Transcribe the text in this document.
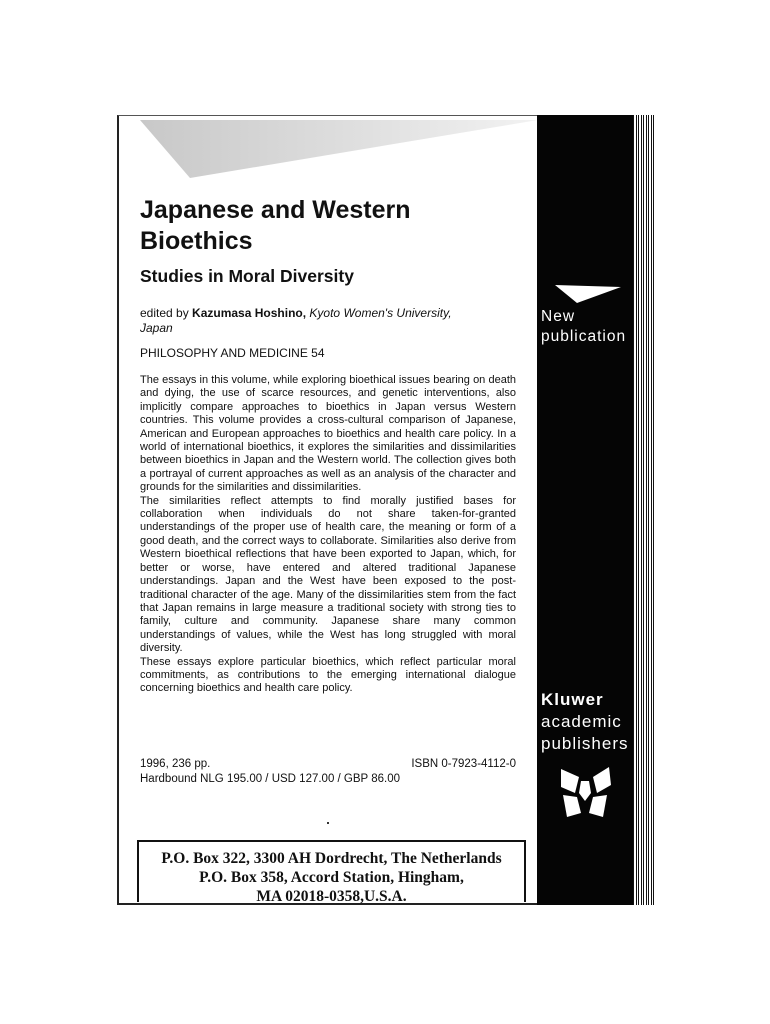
New
publication
Kluwer
academic
publishers
Japanese and Western
Bioethics
Studies in Moral Diversity
edited by Kazumasa Hoshino, Kyoto Women's University,
Japan
PHILOSOPHY AND MEDICINE 54

The essays in this volume, while exploring bioethical issues bearing on death and dying, the use of scarce resources, and genetic interventions, also implicitly compare approaches to bioethics in Japan versus Western countries. This volume provides a cross-cultural comparison of Japanese, American and European approaches to bioethics and health care policy. In a world of international bioethics, it explores the similarities and dissimilarities between bioethics in Japan and the Western world. The collection gives both a portrayal of current approaches as well as an analysis of the character and grounds for the similarities and dissimilarities.

The similarities reflect attempts to find morally justified bases for collaboration when individuals do not share taken-for-granted understandings of the proper use of health care, the meaning or form of a good death, and the correct ways to collaborate. Similarities also derive from Western bioethical reflections that have been exported to Japan, which, for better or worse, have entered and altered traditional Japanese understandings. Japan and the West have been exposed to the post-traditional character of the age. Many of the dissimilarities stem from the fact that Japan remains in large measure a traditional society with strong ties to family, culture and community. Japanese share many common understandings of values, while the West has long struggled with moral diversity.

These essays explore particular bioethics, which reflect particular moral commitments, as contributions to the emerging international dialogue concerning bioethics and health care policy.

1996, 236 pp.	ISBN 0-7923-4112-0
Hardbound NLG 195.00 / USD 127.00 / GBP 86.00
P.O. Box 322, 3300 AH Dordrecht, The Netherlands
P.O. Box 358, Accord Station, Hingham,
MA 02018-0358,U.S.A.
